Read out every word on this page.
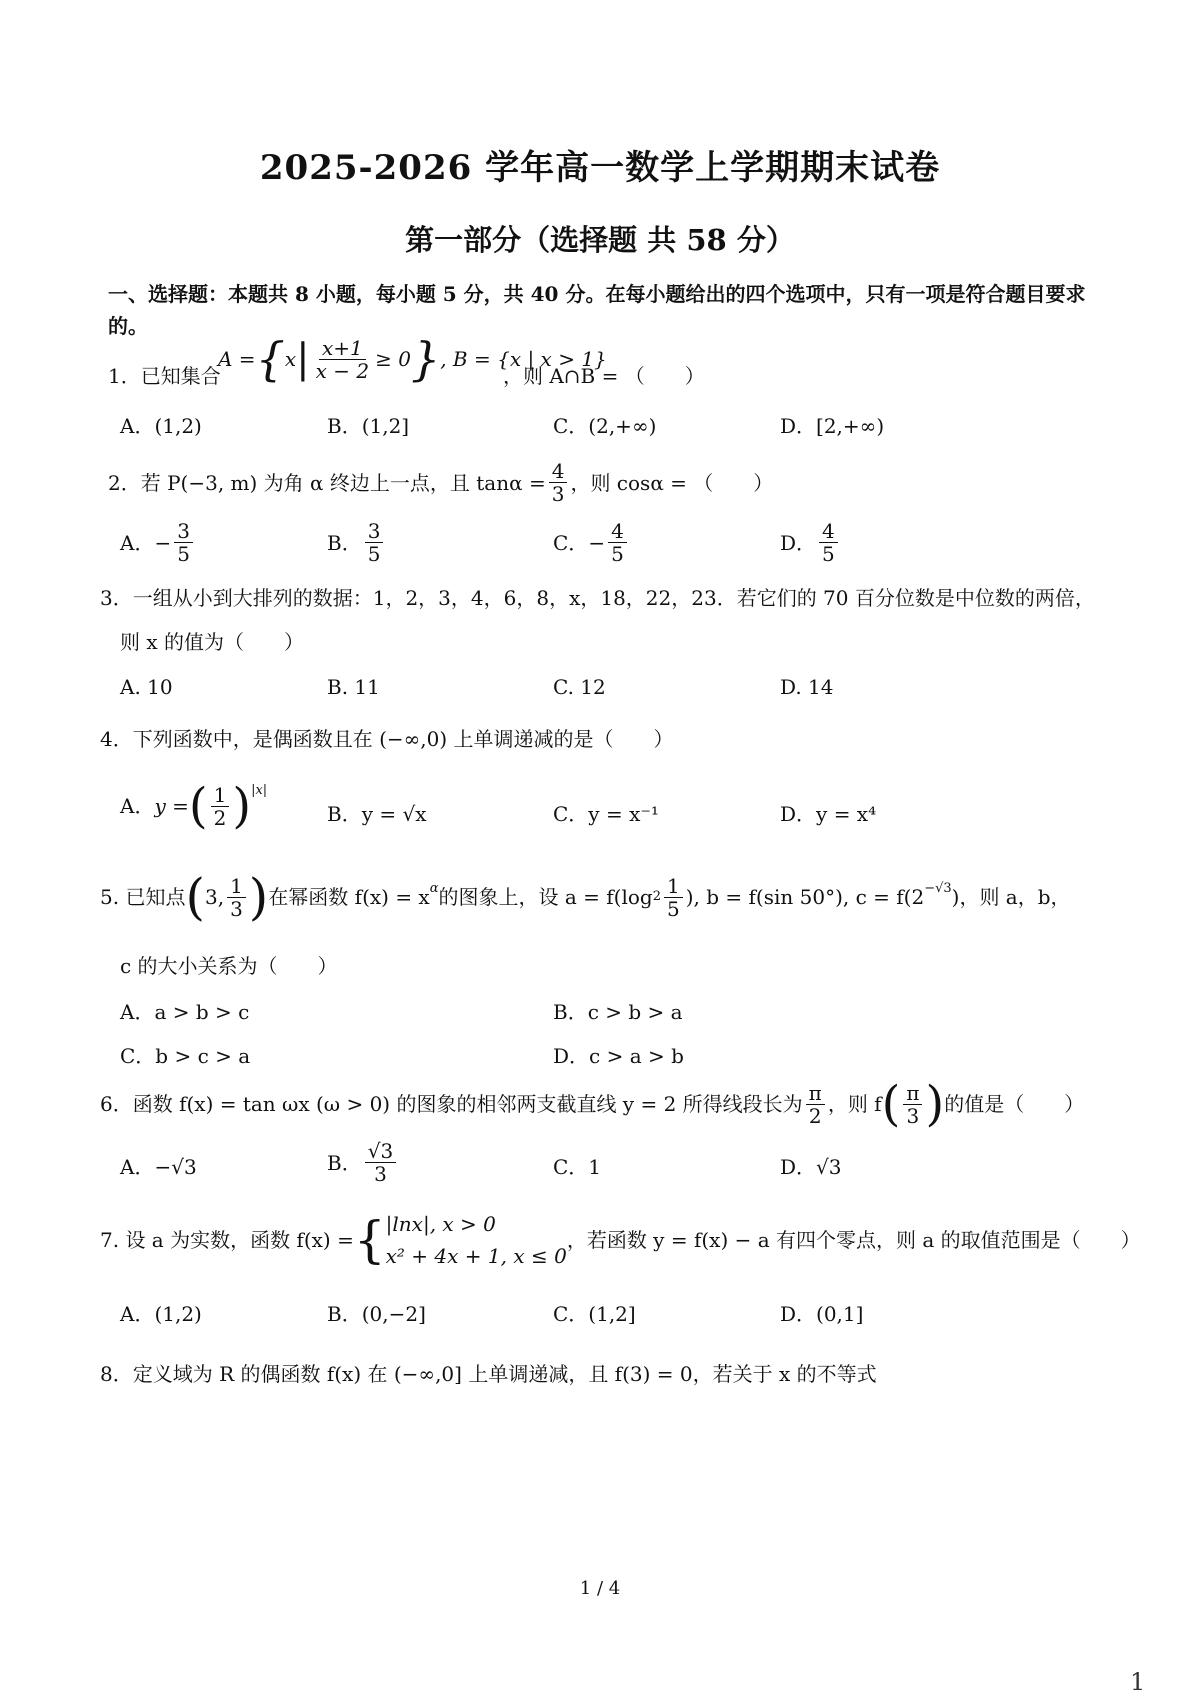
2025-2026 学年高一数学上学期期末试卷
第一部分（选择题 共 58 分）
一、选择题：本题共 8 小题，每小题 5 分，共 40 分。在每小题给出的四个选项中，只有一项是符合题目要求的。
1．已知集合
A = { x | $\frac{x+1}{x - 2} \ge 0$ } , B = {x | x > 1}
，则 A∩B = （　　）
A．(1,2)	B．(1,2]	C．(2,+∞)	D．[2,+∞)
2．若 P(−3, m) 为角 α 终边上一点，且 $\tan\alpha = \frac{4}{3}$ ，则 cosα = （　　）
A． − $\frac{3}{5}$	B． $\frac{3}{5}$	C． − $\frac{4}{5}$	D． $\frac{4}{5}$
3．一组从小到大排列的数据：1，2，3，4，6，8，x，18，22，23．若它们的 70 百分位数是中位数的两倍，
则 x 的值为（　　）
A. 10	B. 11	C. 12	D. 14
4．下列函数中，是偶函数且在 (−∞,0) 上单调递减的是（　　）
A． y = ( $\frac{1}{2}$ ) |x|
B．y = √x	C．y = x⁻¹	D．y = x⁴
5. 已知点 ( 3, $\frac{1}{3}$ ) 在幂函数 f(x) = x α 的图象上，设 a = f(log $2 \frac{1}{5}$ ), b = f(sin 50°), c = f(2 −√3 )，则 a，b，
c 的大小关系为（　　）
A．a > b > c	B．c > b > a
C．b > c > a	D．c > a > b
6．函数 f(x) = tan ωx (ω > 0) 的图象的相邻两支截直线 y = 2 所得线段长为 $\frac{\pi}{2}$ ，则 f ( $\frac{\pi}{3}$ ) 的值是（　　）
A．−√3	B． $\frac{√3}{3}$	C．1	D．√3
7. 设 a 为实数，函数 f(x) = { |lnx|, x > 0
x² + 4x + 1, x ≤ 0
，若函数 y = f(x) − a 有四个零点，则 a 的取值范围是（　　）
A．(1,2)	B．(0,−2]	C．(1,2]	D．(0,1]
8．定义域为 R 的偶函数 f(x) 在 (−∞,0] 上单调递减，且 f(3) = 0，若关于 x 的不等式
1 / 4
1
